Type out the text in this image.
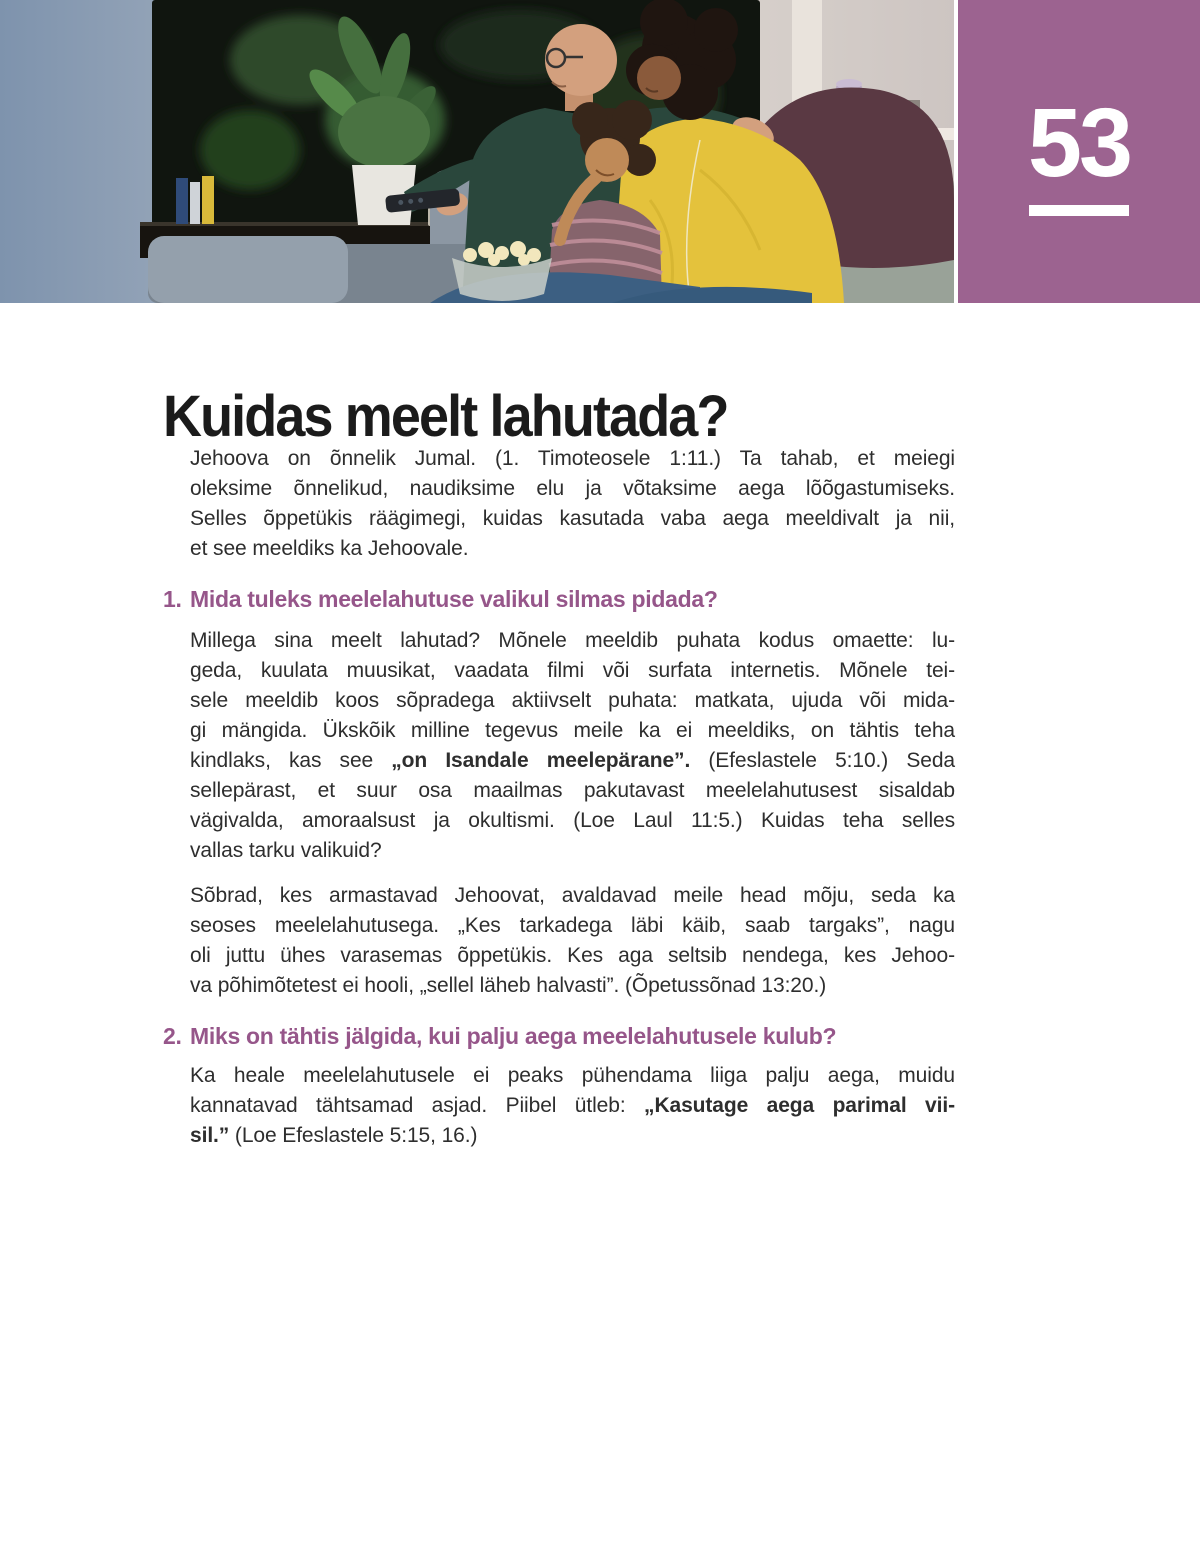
53
Kuidas meelt lahutada?
Jehoova on õnnelik Jumal. (1. Timoteosele 1:11.) Ta tahab, et meiegi
oleksime õnnelikud, naudiksime elu ja võtaksime aega lõõgastumiseks.
Selles õppetükis räägimegi, kuidas kasutada vaba aega meeldivalt ja nii,
et see meeldiks ka Jehoovale.
1. Mida tuleks meelelahutuse valikul silmas pidada?
Millega sina meelt lahutad? Mõnele meeldib puhata kodus omaette: lu-
geda, kuulata muusikat, vaadata filmi või surfata internetis. Mõnele tei-
sele meeldib koos sõpradega aktiivselt puhata: matkata, ujuda või mida-
gi mängida. Ükskõik milline tegevus meile ka ei meeldiks, on tähtis teha
kindlaks, kas see „on Isandale meelepärane”. (Efeslastele 5:10.) Seda
sellepärast, et suur osa maailmas pakutavast meelelahutusest sisaldab
vägivalda, amoraalsust ja okultismi. (Loe Laul 11:5.) Kuidas teha selles
vallas tarku valikuid?
Sõbrad, kes armastavad Jehoovat, avaldavad meile head mõju, seda ka
seoses meelelahutusega. „Kes tarkadega läbi käib, saab targaks”, nagu
oli juttu ühes varasemas õppetükis. Kes aga seltsib nendega, kes Jehoo-
va põhimõtetest ei hooli, „sellel läheb halvasti”. (Õpetussõnad 13:20.)
2. Miks on tähtis jälgida, kui palju aega meelelahutusele kulub?
Ka heale meelelahutusele ei peaks pühendama liiga palju aega, muidu
kannatavad tähtsamad asjad. Piibel ütleb: „Kasutage aega parimal vii-
sil.” (Loe Efeslastele 5:15, 16.)
